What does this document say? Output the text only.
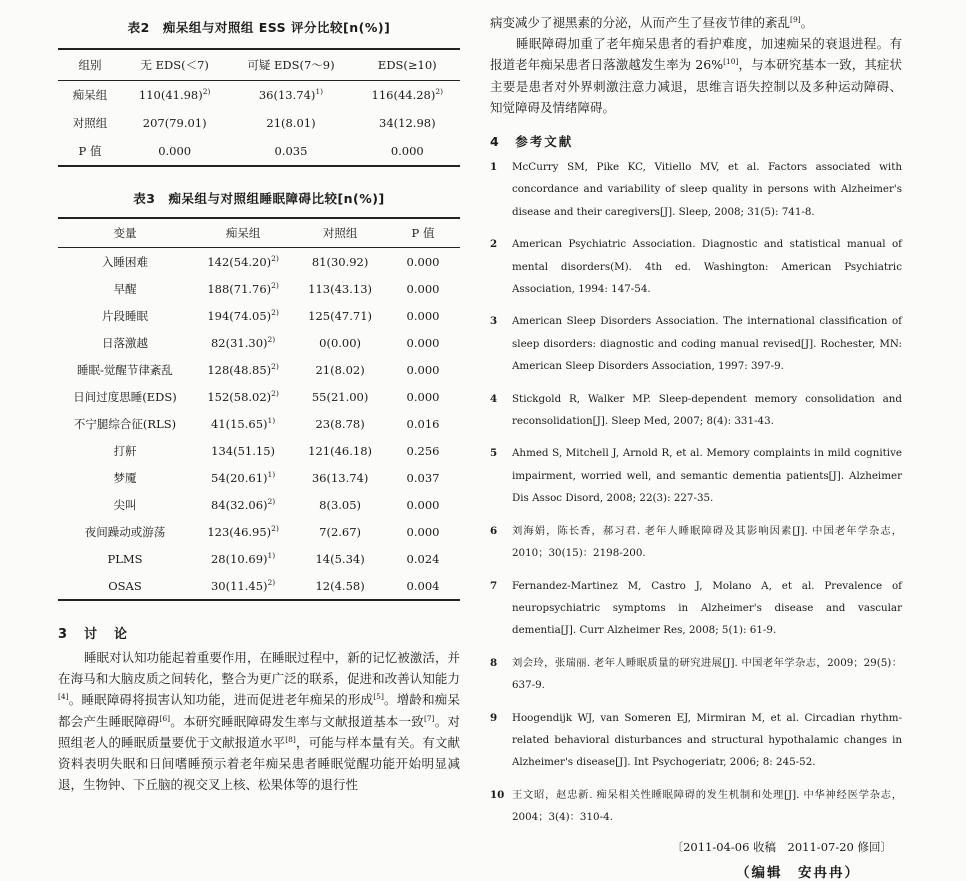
表2　痴呆组与对照组 ESS 评分比较[n(%)]
组别	无 EDS(＜7)	可疑 EDS(7～9)	EDS(≥10)
痴呆组	$110(41.98)^{2)}$	$36(13.74)^{1)}$	$116(44.28)^{2)}$
对照组	207(79.01)	21(8.01)	34(12.98)
P 值	0.000	0.035	0.000
表3　痴呆组与对照组睡眠障碍比较[n(%)]
变量	痴呆组	对照组	P 值
入睡困难	$142(54.20)^{2)}$	81(30.92)	0.000
早醒	$188(71.76)^{2)}$	113(43.13)	0.000
片段睡眠	$194(74.05)^{2)}$	125(47.71)	0.000
日落激越	$82(31.30)^{2)}$	0(0.00)	0.000
睡眠-觉醒节律紊乱	$128(48.85)^{2)}$	21(8.02)	0.000
日间过度思睡(EDS)	$152(58.02)^{2)}$	55(21.00)	0.000
不宁腿综合征(RLS)	$41(15.65)^{1)}$	23(8.78)	0.016
打鼾	134(51.15)	121(46.18)	0.256
梦魇	$54(20.61)^{1)}$	36(13.74)	0.037
尖叫	$84(32.06)^{2)}$	8(3.05)	0.000
夜间躁动或游荡	$123(46.95)^{2)}$	7(2.67)	0.000
PLMS	$28(10.69)^{1)}$	14(5.34)	0.024
OSAS	$30(11.45)^{2)}$	12(4.58)	0.004
3　讨　论

睡眠对认知功能起着重要作用，在睡眠过程中，新的记忆被激活，并在海马和大脑皮质之间转化，整合为更广泛的联系，促进和改善认知能力[4]。睡眠障碍将损害认知功能，进而促进老年痴呆的形成[5]。增龄和痴呆都会产生睡眠障碍[6]。本研究睡眠障碍发生率与文献报道基本一致[7]。对照组老人的睡眠质量要优于文献报道水平[8]，可能与样本量有关。有文献资料表明失眠和日间嗜睡预示着老年痴呆患者睡眠觉醒功能开始明显减退，生物钟、下丘脑的视交叉上核、松果体等的退行性

病变减少了褪黑素的分泌，从而产生了昼夜节律的紊乱[9]。

睡眠障碍加重了老年痴呆患者的看护难度，加速痴呆的衰退进程。有报道老年痴呆患者日落激越发生率为 26%[10]，与本研究基本一致，其症状主要是患者对外界刺激注意力减退，思维言语失控制以及多种运动障碍、知觉障碍及情绪障碍。

4　参考文献
1	McCurry SM, Pike KC, Vitiello MV, et al. Factors associated with concordance and variability of sleep quality in persons with Alzheimer's disease and their caregivers[J]. Sleep, 2008; 31(5): 741-8.
2	American Psychiatric Association. Diagnostic and statistical manual of mental disorders(M). 4th ed. Washington: American Psychiatric Association, 1994: 147-54.
3	American Sleep Disorders Association. The international classification of sleep disorders: diagnostic and coding manual revised[J]. Rochester, MN: American Sleep Disorders Association, 1997: 397-9.
4	Stickgold R, Walker MP. Sleep-dependent memory consolidation and reconsolidation[J]. Sleep Med, 2007; 8(4): 331-43.
5	Ahmed S, Mitchell J, Arnold R, et al. Memory complaints in mild cognitive impairment, worried well, and semantic dementia patients[J]. Alzheimer Dis Assoc Disord, 2008; 22(3): 227-35.
6	刘海娟，陈长香，郝习君. 老年人睡眠障碍及其影响因素[J]. 中国老年学杂志，2010；30(15)：2198-200.
7	Fernandez-Martinez M, Castro J, Molano A, et al. Prevalence of neuropsychiatric symptoms in Alzheimer's disease and vascular dementia[J]. Curr Alzheimer Res, 2008; 5(1): 61-9.
8	刘会玲，张瑞丽. 老年人睡眠质量的研究进展[J]. 中国老年学杂志，2009；29(5)：637-9.
9	Hoogendijk WJ, van Someren EJ, Mirmiran M, et al. Circadian rhythm-related behavioral disturbances and structural hypothalamic changes in Alzheimer's disease[J]. Int Psychogeriatr, 2006; 8: 245-52.
10 王文昭，赵忠新. 痴呆相关性睡眠障碍的发生机制和处理[J]. 中华神经医学杂志，2004；3(4)：310-4.
〔2011-04-06 收稿　2011-07-20 修回〕
（编辑　安冉冉）
